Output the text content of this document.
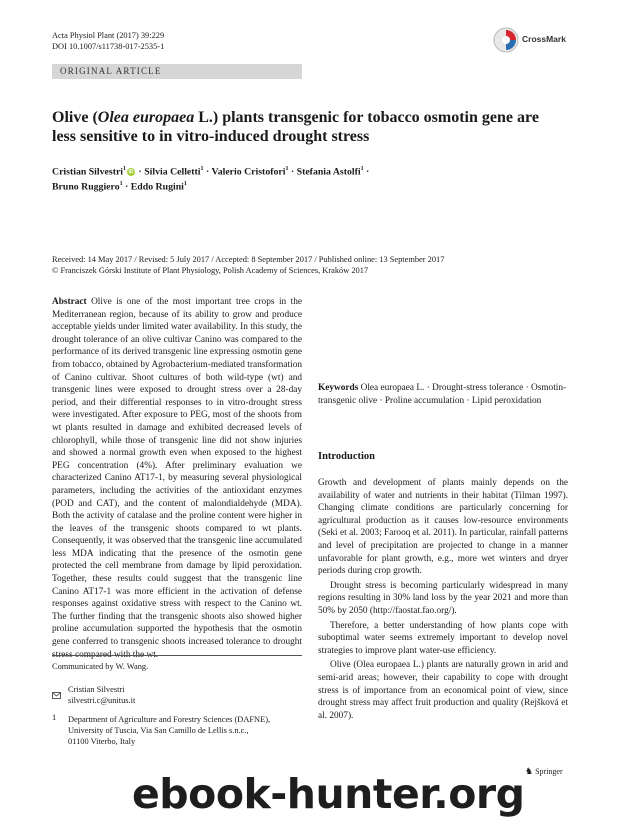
Acta Physiol Plant (2017) 39:229
DOI 10.1007/s11738-017-2535-1
CrossMark
ORIGINAL ARTICLE
Olive (Olea europaea L.) plants transgenic for tobacco osmotin gene are less sensitive to in vitro-induced drought stress
Cristian Silvestri$^1$iD · Silvia Celletti$^1$ · Valerio Cristofori$^1$ · Stefania Astolfi$^1$ ·
Bruno Ruggiero$^1$ · Eddo Rugini$^1$
Received: 14 May 2017 / Revised: 5 July 2017 / Accepted: 8 September 2017 / Published online: 13 September 2017
© Franciszek Górski Institute of Plant Physiology, Polish Academy of Sciences, Kraków 2017
Abstract Olive is one of the most important tree crops in the Mediterranean region, because of its ability to grow and produce acceptable yields under limited water availability. In this study, the drought tolerance of an olive cultivar Canino was compared to the performance of its derived transgenic line expressing osmotin gene from tobacco, obtained by Agrobacterium-mediated transformation of Canino cultivar. Shoot cultures of both wild-type (wt) and transgenic lines were exposed to drought stress over a 28-day period, and their differential responses to in vitro-drought stress were investigated. After exposure to PEG, most of the shoots from wt plants resulted in damage and exhibited decreased levels of chlorophyll, while those of transgenic line did not show injuries and showed a normal growth even when exposed to the highest PEG concentration (4%). After preliminary evaluation we characterized Canino AT17-1, by measuring several physiological parameters, including the activities of the antioxidant enzymes (POD and CAT), and the content of malondialdehyde (MDA). Both the activity of catalase and the proline content were higher in the leaves of the transgenic shoots compared to wt plants. Consequently, it was observed that the transgenic line accumulated less MDA indicating that the presence of the osmotin gene protected the cell membrane from damage by lipid peroxidation. Together, these results could suggest that the transgenic line Canino AT17-1 was more efficient in the activation of defense responses against oxidative stress with respect to the Canino wt. The further finding that the transgenic shoots also showed higher proline accumulation supported the hypothesis that the osmotin gene conferred to transgenic shoots increased tolerance to drought
Keywords Olea europaea L. · Drought-stress tolerance · Osmotin-transgenic olive · Proline accumulation · Lipid peroxidation
Introduction

Growth and development of plants mainly depends on the availability of water and nutrients in their habitat (Tilman 1997). Changing climate conditions are particularly concerning for agricultural production as it causes low-resource environments (Seki et al. 2003; Farooq et al. 2011). In particular, rainfall patterns and level of precipitation are projected to change in a manner unfavorable for plant growth, e.g., more wet winters and dryer periods during crop growth.

Drought stress is becoming particularly widespread in many regions resulting in 30% land loss by the year 2021 and more than 50% by 2050 (http://faostat.fao.org/).

Therefore, a better understanding of how plants cope with suboptimal water seems extremely important to develop novel strategies to improve plant water-use efficiency.

Olive (Olea europaea L.) plants are naturally grown in arid and semi-arid areas; however, their capability to cope with drought stress is of importance from an economical point of view, since drought stress may affect fruit production and quality (Rejšková et al. 2007).

Communicated by W. Wang.
Cristian Silvestri
silvestri.c@unitus.it
1 Department of Agriculture and Forestry Sciences (DAFNE),
University of Tuscia, Via San Camillo de Lellis s.n.c.,
01100 Viterbo, Italy
♞ Springer
ebook-hunter.org
